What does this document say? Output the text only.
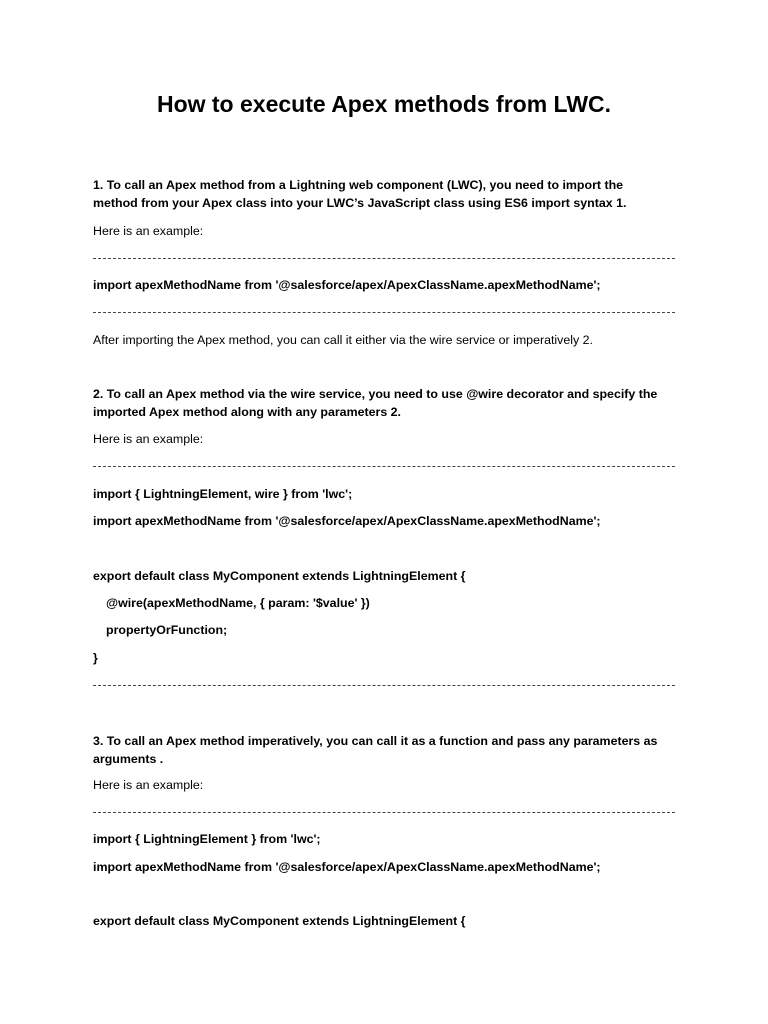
How to execute Apex methods from LWC.
1. To call an Apex method from a Lightning web component (LWC), you need to import the
method from your Apex class into your LWC’s JavaScript class using ES6 import syntax 1.
Here is an example:
import apexMethodName from '@salesforce/apex/ApexClassName.apexMethodName';
After importing the Apex method, you can call it either via the wire service or imperatively 2.
2. To call an Apex method via the wire service, you need to use @wire decorator and specify the
imported Apex method along with any parameters 2.
Here is an example:
import { LightningElement, wire } from 'lwc';
import apexMethodName from '@salesforce/apex/ApexClassName.apexMethodName';
export default class MyComponent extends LightningElement {
@wire(apexMethodName, { param: '$value' })
propertyOrFunction;
}
3. To call an Apex method imperatively, you can call it as a function and pass any parameters as
arguments .
Here is an example:
import { LightningElement } from 'lwc';
import apexMethodName from '@salesforce/apex/ApexClassName.apexMethodName';
export default class MyComponent extends LightningElement {
